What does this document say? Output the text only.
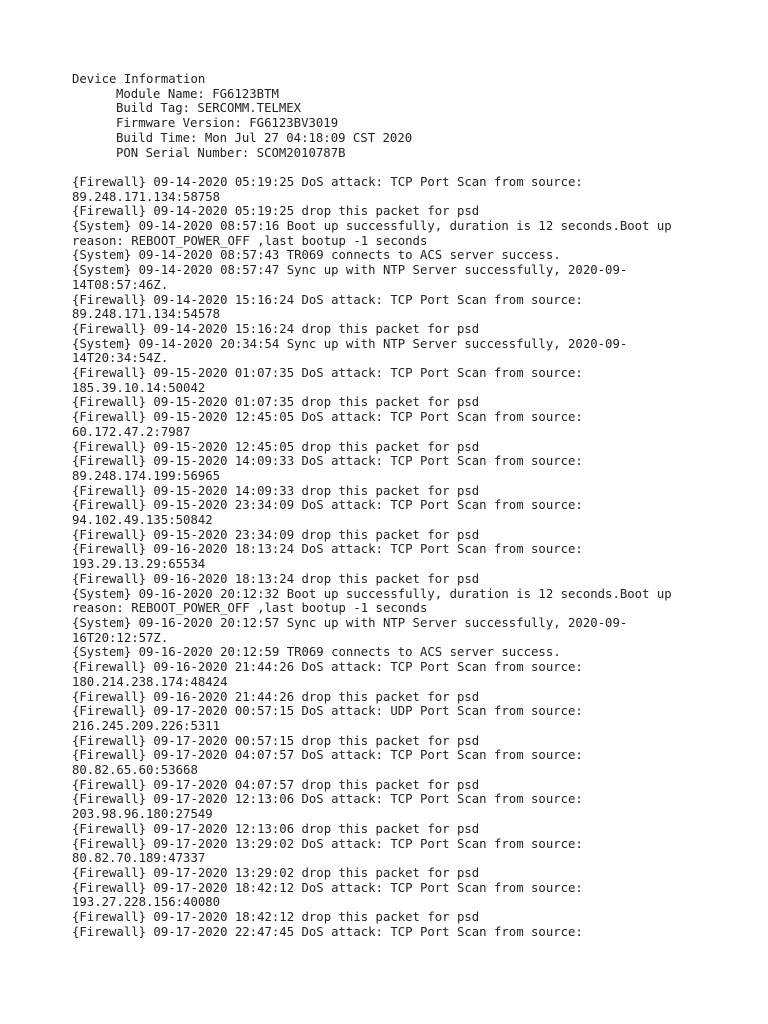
Device Information
Module Name: FG6123BTM
Build Tag: SERCOMM.TELMEX
Firmware Version: FG6123BV3019
Build Time: Mon Jul 27 04:18:09 CST 2020
PON Serial Number: SCOM2010787B
{Firewall} 09-14-2020 05:19:25 DoS attack: TCP Port Scan from source:
89.248.171.134:58758
{Firewall} 09-14-2020 05:19:25 drop this packet for psd
{System} 09-14-2020 08:57:16 Boot up successfully, duration is 12 seconds.Boot up
reason: REBOOT_POWER_OFF ,last bootup -1 seconds
{System} 09-14-2020 08:57:43 TR069 connects to ACS server success.
{System} 09-14-2020 08:57:47 Sync up with NTP Server successfully, 2020-09-
14T08:57:46Z.
{Firewall} 09-14-2020 15:16:24 DoS attack: TCP Port Scan from source:
89.248.171.134:54578
{Firewall} 09-14-2020 15:16:24 drop this packet for psd
{System} 09-14-2020 20:34:54 Sync up with NTP Server successfully, 2020-09-
14T20:34:54Z.
{Firewall} 09-15-2020 01:07:35 DoS attack: TCP Port Scan from source:
185.39.10.14:50042
{Firewall} 09-15-2020 01:07:35 drop this packet for psd
{Firewall} 09-15-2020 12:45:05 DoS attack: TCP Port Scan from source:
60.172.47.2:7987
{Firewall} 09-15-2020 12:45:05 drop this packet for psd
{Firewall} 09-15-2020 14:09:33 DoS attack: TCP Port Scan from source:
89.248.174.199:56965
{Firewall} 09-15-2020 14:09:33 drop this packet for psd
{Firewall} 09-15-2020 23:34:09 DoS attack: TCP Port Scan from source:
94.102.49.135:50842
{Firewall} 09-15-2020 23:34:09 drop this packet for psd
{Firewall} 09-16-2020 18:13:24 DoS attack: TCP Port Scan from source:
193.29.13.29:65534
{Firewall} 09-16-2020 18:13:24 drop this packet for psd
{System} 09-16-2020 20:12:32 Boot up successfully, duration is 12 seconds.Boot up
reason: REBOOT_POWER_OFF ,last bootup -1 seconds
{System} 09-16-2020 20:12:57 Sync up with NTP Server successfully, 2020-09-
16T20:12:57Z.
{System} 09-16-2020 20:12:59 TR069 connects to ACS server success.
{Firewall} 09-16-2020 21:44:26 DoS attack: TCP Port Scan from source:
180.214.238.174:48424
{Firewall} 09-16-2020 21:44:26 drop this packet for psd
{Firewall} 09-17-2020 00:57:15 DoS attack: UDP Port Scan from source:
216.245.209.226:5311
{Firewall} 09-17-2020 00:57:15 drop this packet for psd
{Firewall} 09-17-2020 04:07:57 DoS attack: TCP Port Scan from source:
80.82.65.60:53668
{Firewall} 09-17-2020 04:07:57 drop this packet for psd
{Firewall} 09-17-2020 12:13:06 DoS attack: TCP Port Scan from source:
203.98.96.180:27549
{Firewall} 09-17-2020 12:13:06 drop this packet for psd
{Firewall} 09-17-2020 13:29:02 DoS attack: TCP Port Scan from source:
80.82.70.189:47337
{Firewall} 09-17-2020 13:29:02 drop this packet for psd
{Firewall} 09-17-2020 18:42:12 DoS attack: TCP Port Scan from source:
193.27.228.156:40080
{Firewall} 09-17-2020 18:42:12 drop this packet for psd
{Firewall} 09-17-2020 22:47:45 DoS attack: TCP Port Scan from source:
